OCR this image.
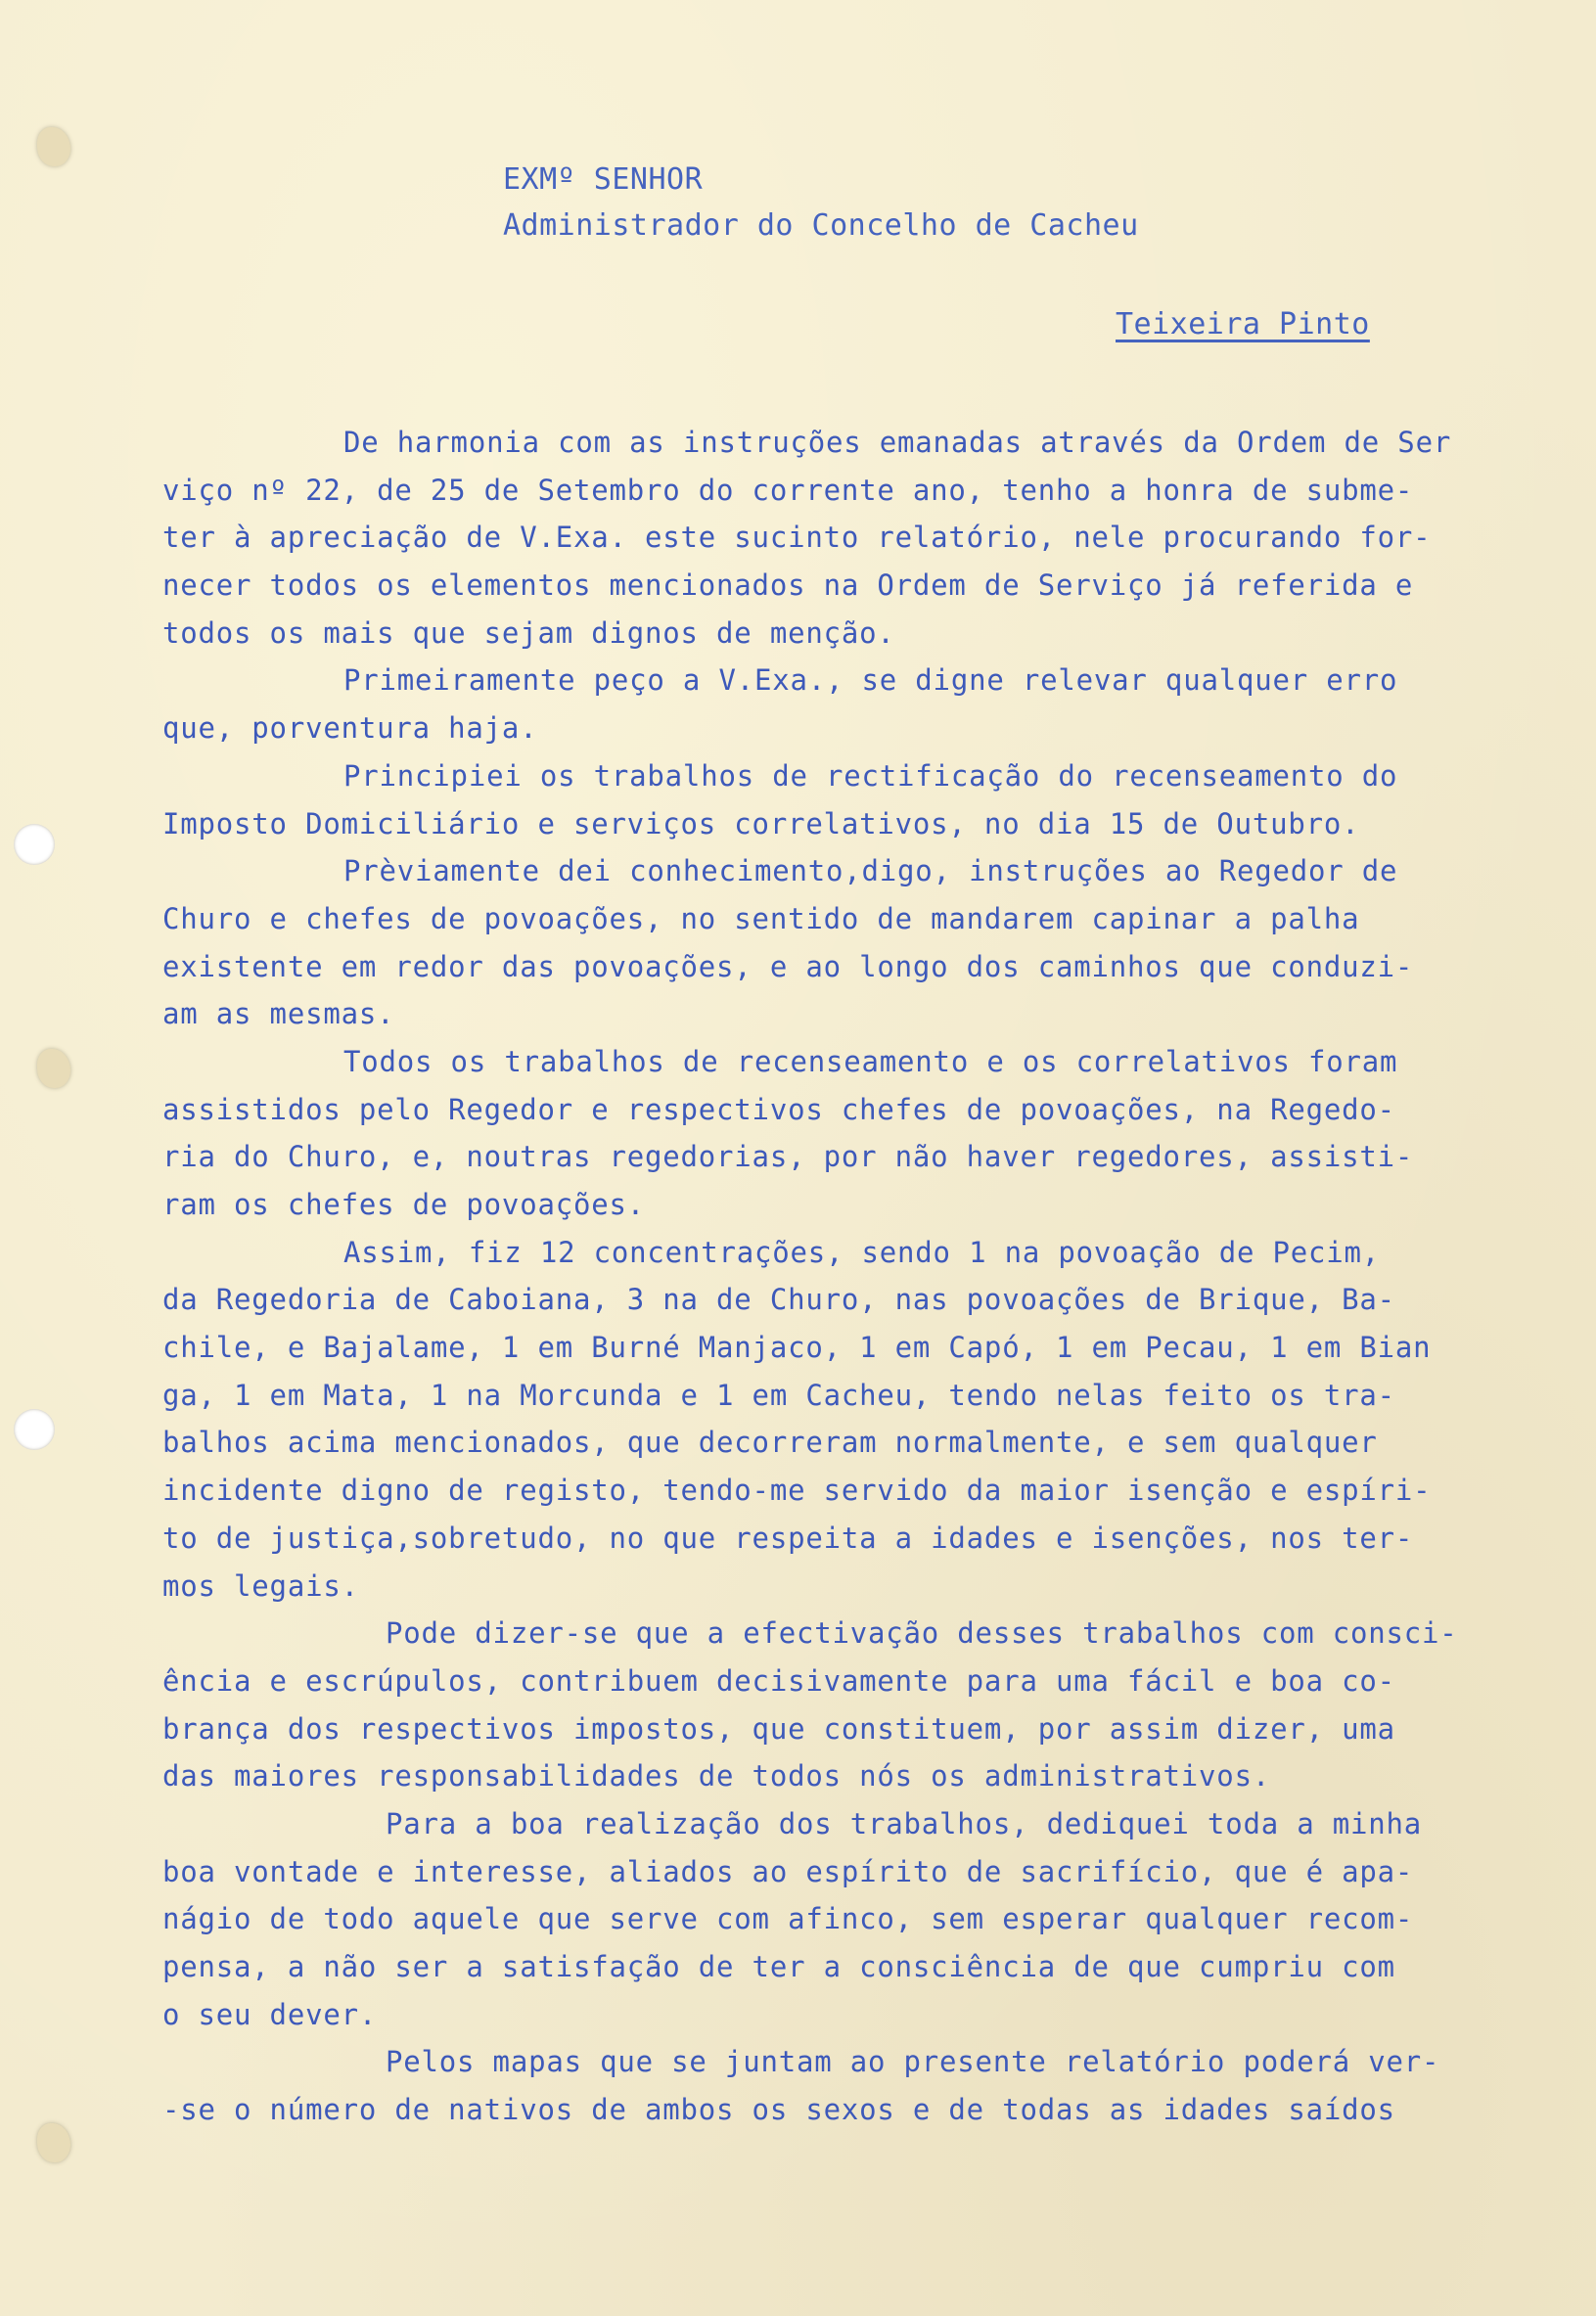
EXMº SENHOR
Administrador do Concelho de Cacheu
Teixeira Pinto
De harmonia com as instruções emanadas através da Ordem de Ser
viço nº 22, de 25 de Setembro do corrente ano, tenho a honra de subme-
ter à apreciação de V.Exa. este sucinto relatório, nele procurando for-
necer todos os elementos mencionados na Ordem de Serviço já referida e
todos os mais que sejam dignos de menção.
Primeiramente peço a V.Exa., se digne relevar qualquer erro
que, porventura haja.
Principiei os trabalhos de rectificação do recenseamento do
Imposto Domiciliário e serviços correlativos, no dia 15 de Outubro.
Prèviamente dei conhecimento,digo, instruções ao Regedor de
Churo e chefes de povoações, no sentido de mandarem capinar a palha
existente em redor das povoações, e ao longo dos caminhos que conduzi-
am as mesmas.
Todos os trabalhos de recenseamento e os correlativos foram
assistidos pelo Regedor e respectivos chefes de povoações, na Regedo-
ria do Churo, e, noutras regedorias, por não haver regedores, assisti-
ram os chefes de povoações.
Assim, fiz 12 concentrações, sendo 1 na povoação de Pecim,
da Regedoria de Caboiana, 3 na de Churo, nas povoações de Brique, Ba-
chile, e Bajalame, 1 em Burné Manjaco, 1 em Capó, 1 em Pecau, 1 em Bian
ga, 1 em Mata, 1 na Morcunda e 1 em Cacheu, tendo nelas feito os tra-
balhos acima mencionados, que decorreram normalmente, e sem qualquer
incidente digno de registo, tendo-me servido da maior isenção e espíri-
to de justiça,sobretudo, no que respeita a idades e isenções, nos ter-
mos legais.
Pode dizer-se que a efectivação desses trabalhos com consci-
ência e escrúpulos, contribuem decisivamente para uma fácil e boa co-
brança dos respectivos impostos, que constituem, por assim dizer, uma
das maiores responsabilidades de todos nós os administrativos.
Para a boa realização dos trabalhos, dediquei toda a minha
boa vontade e interesse, aliados ao espírito de sacrifício, que é apa-
nágio de todo aquele que serve com afinco, sem esperar qualquer recom-
pensa, a não ser a satisfação de ter a consciência de que cumpriu com
o seu dever.
Pelos mapas que se juntam ao presente relatório poderá ver-
-se o número de nativos de ambos os sexos e de todas as idades saídos
